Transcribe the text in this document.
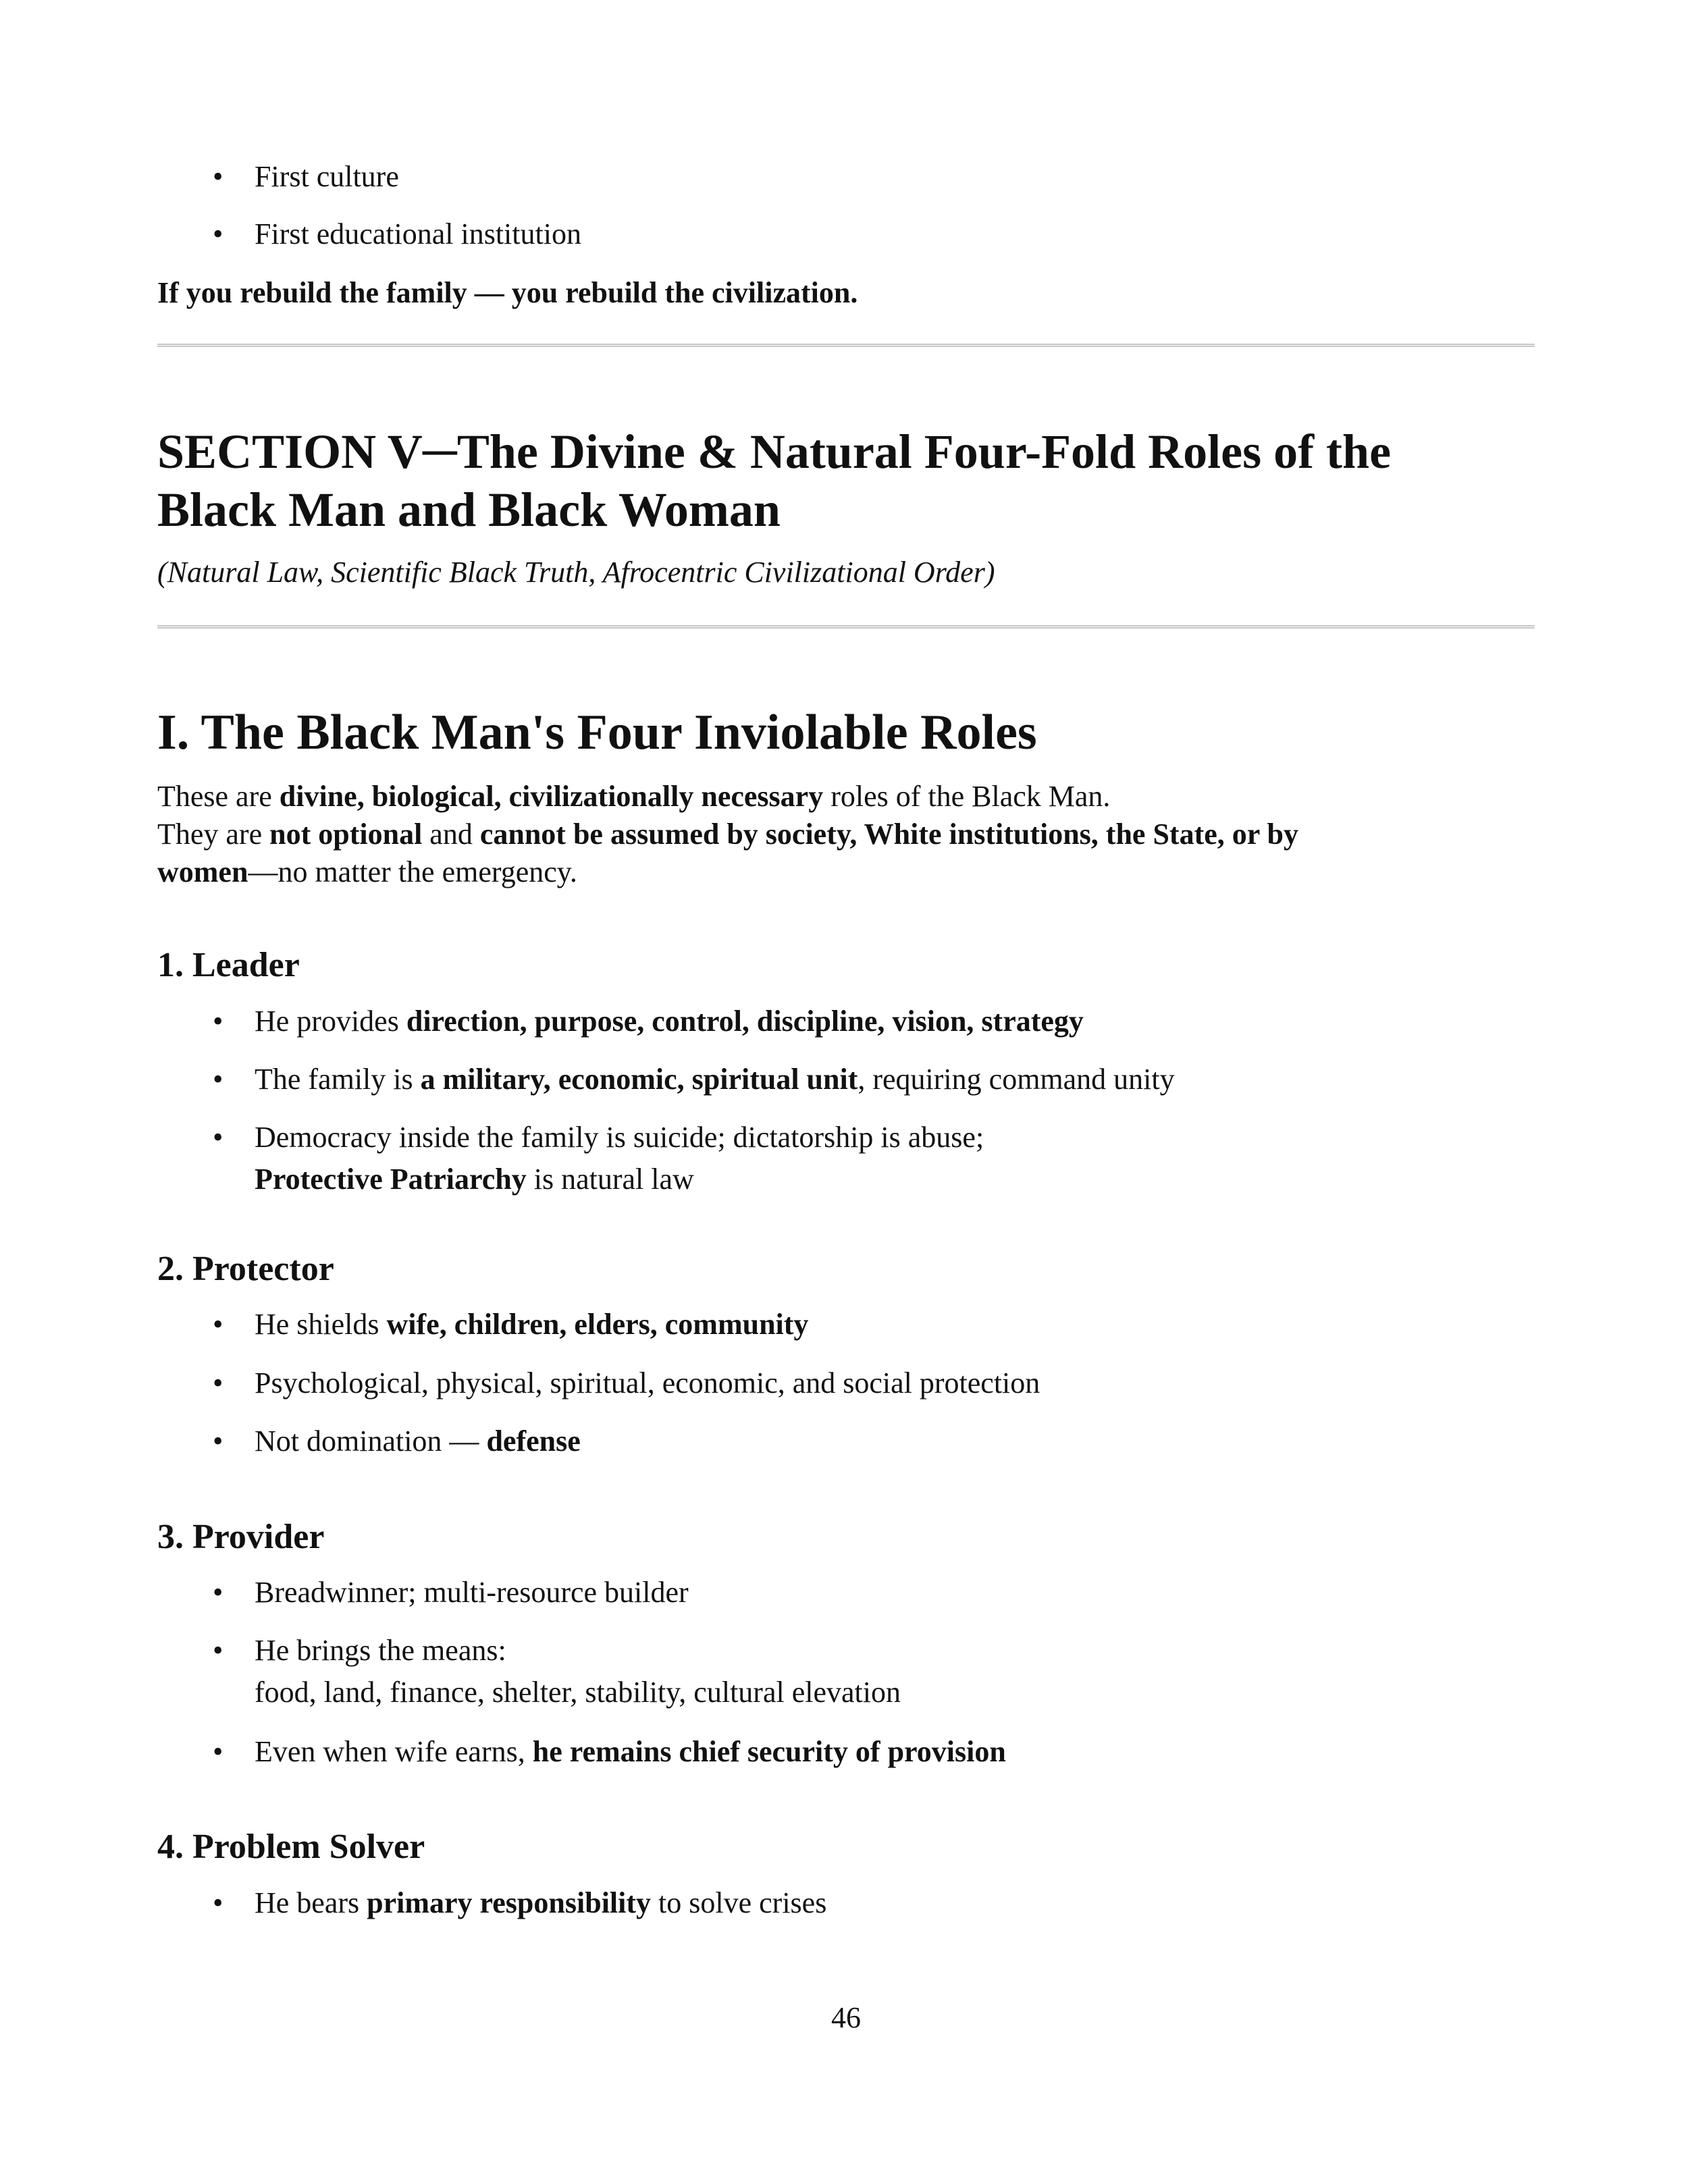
• First culture
• First educational institution
If you rebuild the family — you rebuild the civilization.
SECTION V─The Divine & Natural Four-Fold Roles of the
Black Man and Black Woman
(Natural Law, Scientific Black Truth, Afrocentric Civilizational Order)
I. The Black Man's Four Inviolable Roles
These are divine, biological, civilizationally necessary roles of the Black Man.
They are not optional and cannot be assumed by society, White institutions, the State, or by
women—no matter the emergency.
1. Leader
• He provides direction, purpose, control, discipline, vision, strategy
• The family is a military, economic, spiritual unit, requiring command unity
• Democracy inside the family is suicide; dictatorship is abuse;
Protective Patriarchy is natural law
2. Protector
• He shields wife, children, elders, community
• Psychological, physical, spiritual, economic, and social protection
• Not domination — defense
3. Provider
• Breadwinner; multi-resource builder
• He brings the means:
food, land, finance, shelter, stability, cultural elevation
• Even when wife earns, he remains chief security of provision
4. Problem Solver
• He bears primary responsibility to solve crises
46
